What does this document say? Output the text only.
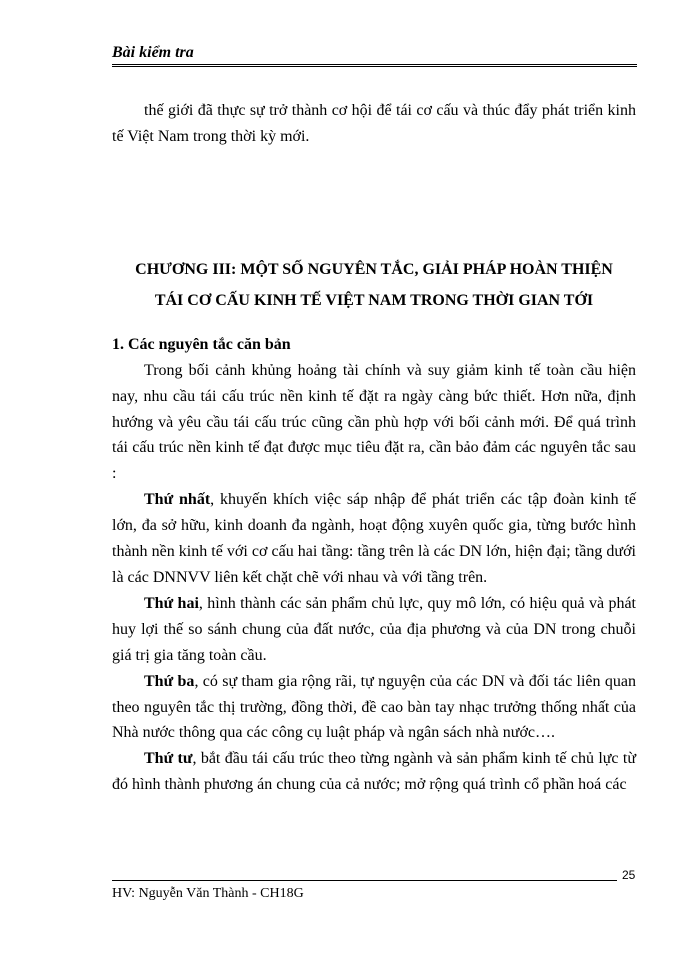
Bài kiểm tra

thế giới đã thực sự trở thành cơ hội để tái cơ cấu và thúc đẩy phát triển kinh tế Việt Nam trong thời kỳ mới.

CHƯƠNG III: MỘT SỐ NGUYÊN TẮC, GIẢI PHÁP HOÀN THIỆN
TÁI CƠ CẤU KINH TẾ VIỆT NAM TRONG THỜI GIAN TỚI

1. Các nguyên tắc căn bản

Trong bối cảnh khủng hoảng tài chính và suy giảm kinh tế toàn cầu hiện nay, nhu cầu tái cấu trúc nền kinh tế đặt ra ngày càng bức thiết. Hơn nữa, định hướng và yêu cầu tái cấu trúc cũng cần phù hợp với bối cảnh mới. Để quá trình tái cấu trúc nền kinh tế đạt được mục tiêu đặt ra, cần bảo đảm các nguyên tắc sau :

Thứ nhất, khuyến khích việc sáp nhập để phát triển các tập đoàn kinh tế lớn, đa sở hữu, kinh doanh đa ngành, hoạt động xuyên quốc gia, từng bước hình thành nền kinh tế với cơ cấu hai tầng: tầng trên là các DN lớn, hiện đại; tầng dưới là các DNNVV liên kết chặt chẽ với nhau và với tầng trên.

Thứ hai, hình thành các sản phẩm chủ lực, quy mô lớn, có hiệu quả và phát huy lợi thế so sánh chung của đất nước, của địa phương và của DN trong chuỗi giá trị gia tăng toàn cầu.

Thứ ba, có sự tham gia rộng rãi, tự nguyện của các DN và đối tác liên quan theo nguyên tắc thị trường, đồng thời, đề cao bàn tay nhạc trưởng thống nhất của Nhà nước thông qua các công cụ luật pháp và ngân sách nhà nước….

Thứ tư, bắt đầu tái cấu trúc theo từng ngành và sản phẩm kinh tế chủ lực từ đó hình thành phương án chung của cả nước; mở rộng quá trình cổ phần hoá các

HV: Nguyễn Văn Thành - CH18G

25
